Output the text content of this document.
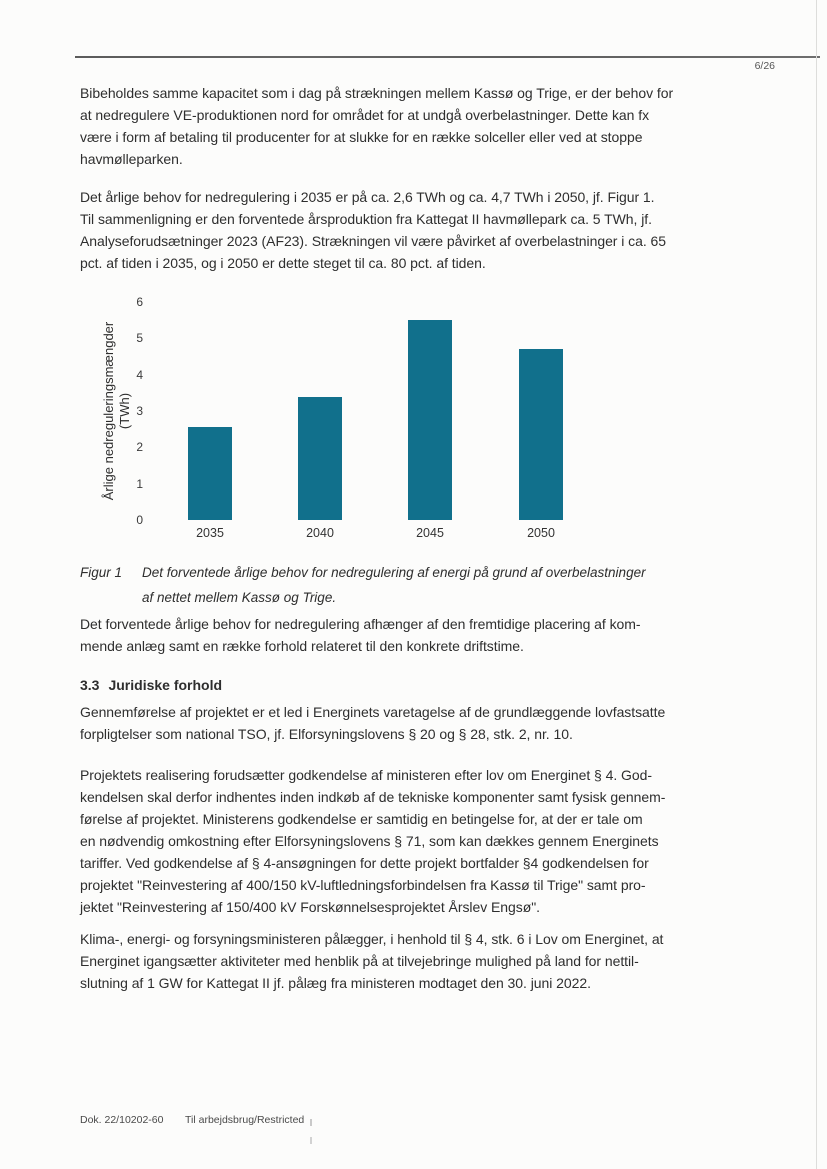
6/26
Bibeholdes samme kapacitet som i dag på strækningen mellem Kassø og Trige, er der behov for
at nedregulere VE-produktionen nord for området for at undgå overbelastninger. Dette kan fx
være i form af betaling til producenter for at slukke for en række solceller eller ved at stoppe
havmølleparken.
Det årlige behov for nedregulering i 2035 er på ca. 2,6 TWh og ca. 4,7 TWh i 2050, jf. Figur 1.
Til sammenligning er den forventede årsproduktion fra Kattegat II havmøllepark ca. 5 TWh, jf.
Analyseforudsætninger 2023 (AF23). Strækningen vil være påvirket af overbelastninger i ca. 65
pct. af tiden i 2035, og i 2050 er dette steget til ca. 80 pct. af tiden.
Årlige nedreguleringsmængder (TWh)
0
1
2
3
4
5
6
2035	2040	2045	2050
Figur 1	Det forventede årlige behov for nedregulering af energi på grund af overbelastninger
af nettet mellem Kassø og Trige.
Det forventede årlige behov for nedregulering afhænger af den fremtidige placering af kom-
mende anlæg samt en række forhold relateret til den konkrete driftstime.
3.3 Juridiske forhold
Gennemførelse af projektet er et led i Energinets varetagelse af de grundlæggende lovfastsatte
forpligtelser som national TSO, jf. Elforsyningslovens § 20 og § 28, stk. 2, nr. 10.
Projektets realisering forudsætter godkendelse af ministeren efter lov om Energinet § 4. God-
kendelsen skal derfor indhentes inden indkøb af de tekniske komponenter samt fysisk gennem-
førelse af projektet. Ministerens godkendelse er samtidig en betingelse for, at der er tale om
en nødvendig omkostning efter Elforsyningslovens § 71, som kan dækkes gennem Energinets
tariffer. Ved godkendelse af § 4-ansøgningen for dette projekt bortfalder §4 godkendelsen for
projektet "Reinvestering af 400/150 kV-luftledningsforbindelsen fra Kassø til Trige" samt pro-
jektet "Reinvestering af 150/400 kV Forskønnelsesprojektet Årslev Engsø".
Klima-, energi- og forsyningsministeren pålægger, i henhold til § 4, stk. 6 i Lov om Energinet, at
Energinet igangsætter aktiviteter med henblik på at tilvejebringe mulighed på land for nettil-
slutning af 1 GW for Kattegat II jf. pålæg fra ministeren modtaget den 30. juni 2022.
Dok. 22/10202-60 Til arbejdsbrug/Restricted
